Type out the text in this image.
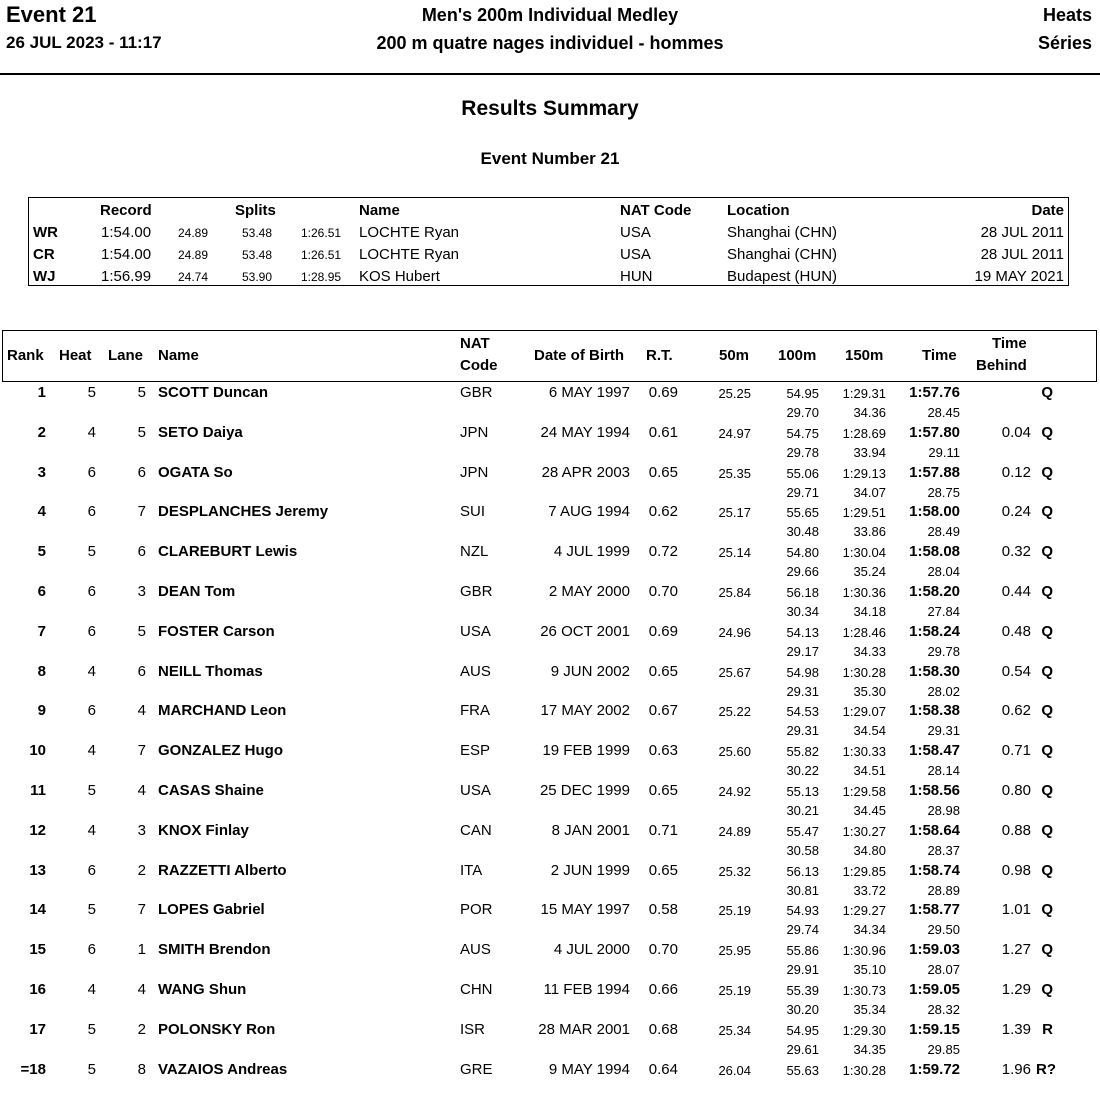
Event 21
26 JUL 2023 - 11:17
Men's 200m Individual Medley
200 m quatre nages individuel - hommes
Heats
Séries
Results Summary
Event Number 21
Record	Splits	Name	NAT Code Location	Date
WR	1:54.00 24.89	53.48 1:26.51 LOCHTE Ryan	USA	Shanghai (CHN)	28 JUL 2011
CR	1:54.00 24.89	53.48 1:26.51 LOCHTE Ryan	USA	Shanghai (CHN)	28 JUL 2011
WJ	1:56.99 24.74	53.90 1:28.95 KOS Hubert	HUN	Budapest (HUN)	19 MAY 2021
Rank Heat Lane Name
NAT
Code
Date of Birth R.T.	50m 100m 150m	Time
Time
Behind
1	5	5 SCOTT Duncan	GBR	6 MAY 1997 0.69	25.25	54.95 1:29.31 1:57.76	Q
29.70	34.36	28.45
2	4	5 SETO Daiya	JPN	24 MAY 1994 0.61	24.97	54.75 1:28.69 1:57.80	0.04 Q
29.78	33.94	29.11
3	6	6 OGATA So	JPN	28 APR 2003 0.65	25.35	55.06 1:29.13 1:57.88	0.12 Q
29.71	34.07	28.75
4	6	7 DESPLANCHES Jeremy	SUI	7 AUG 1994 0.62	25.17	55.65 1:29.51 1:58.00	0.24 Q
30.48	33.86	28.49
5	5	6 CLAREBURT Lewis	NZL	4 JUL 1999 0.72	25.14	54.80 1:30.04 1:58.08	0.32 Q
29.66	35.24	28.04
6	6	3 DEAN Tom	GBR	2 MAY 2000 0.70	25.84	56.18 1:30.36 1:58.20	0.44 Q
30.34	34.18	27.84
7	6	5 FOSTER Carson	USA	26 OCT 2001 0.69	24.96	54.13 1:28.46 1:58.24	0.48 Q
29.17	34.33	29.78
8	4	6 NEILL Thomas	AUS	9 JUN 2002 0.65	25.67	54.98 1:30.28 1:58.30	0.54 Q
29.31	35.30	28.02
9	6	4 MARCHAND Leon	FRA	17 MAY 2002 0.67	25.22	54.53 1:29.07 1:58.38	0.62 Q
29.31	34.54	29.31
10	4	7 GONZALEZ Hugo	ESP	19 FEB 1999 0.63	25.60	55.82 1:30.33 1:58.47	0.71 Q
30.22	34.51	28.14
11	5	4 CASAS Shaine	USA	25 DEC 1999 0.65	24.92	55.13 1:29.58 1:58.56	0.80 Q
30.21	34.45	28.98
12	4	3 KNOX Finlay	CAN	8 JAN 2001 0.71	24.89	55.47 1:30.27 1:58.64	0.88 Q
30.58	34.80	28.37
13	6	2 RAZZETTI Alberto	ITA	2 JUN 1999 0.65	25.32	56.13 1:29.85 1:58.74	0.98 Q
30.81	33.72	28.89
14	5	7 LOPES Gabriel	POR	15 MAY 1997 0.58	25.19	54.93 1:29.27 1:58.77	1.01 Q
29.74	34.34	29.50
15	6	1 SMITH Brendon	AUS	4 JUL 2000 0.70	25.95	55.86 1:30.96 1:59.03	1.27 Q
29.91	35.10	28.07
16	4	4 WANG Shun	CHN	11 FEB 1994 0.66	25.19	55.39 1:30.73 1:59.05	1.29 Q
30.20	35.34	28.32
17	5	2 POLONSKY Ron	ISR	28 MAR 2001 0.68	25.34	54.95 1:29.30 1:59.15	1.39 R
29.61	34.35	29.85
=18	5	8 VAZAIOS Andreas	GRE	9 MAY 1994 0.64	26.04	55.63 1:30.28 1:59.72	1.96 R?
